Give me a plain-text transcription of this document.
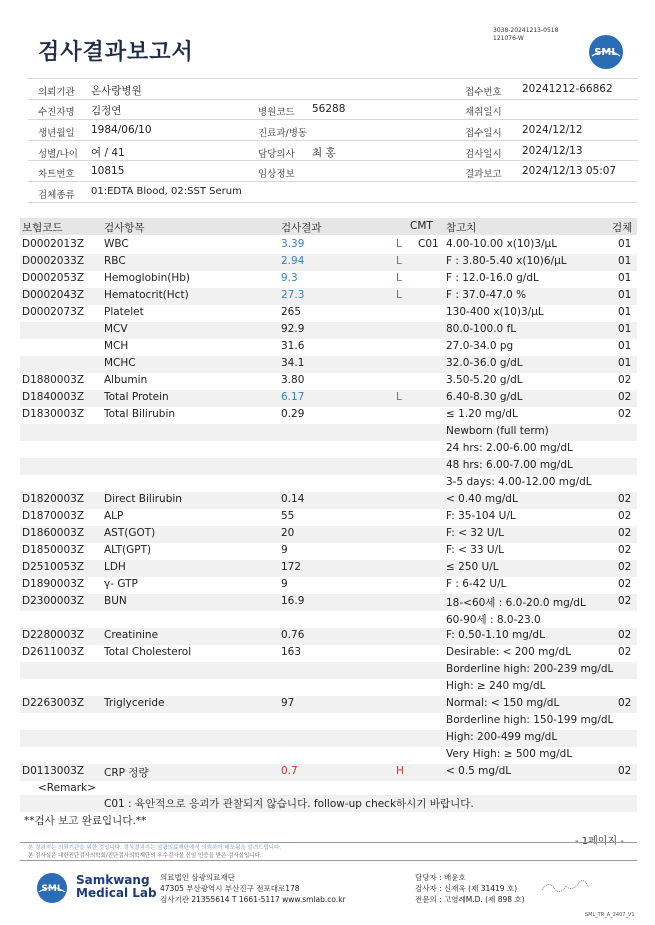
검사결과보고서
3038-20241213-0518
121076-W
SML
의뢰기관 온사랑병원	접수번호 20241212-66862
수진자명 김정연	병원코드 56288	채취일시
생년월일 1984/06/10	진료과/병동	접수일시 2024/12/12
성별/나이 여 / 41	담당의사 최 홍	검사일시 2024/12/13
차트번호 10815	임상정보	결과보고 2024/12/13 05:07
검체종류 01:EDTA Blood, 02:SST Serum
보험코드	검사항목	검사결과	CMT 참고치	검체
D0002013Z WBC	3.39	L C01 4.00-10.00 x(10)3/μL	01
D0002033Z RBC	2.94	L	F : 3.80-5.40 x(10)6/μL	01
D0002053Z Hemoglobin(Hb)	9.3	L	F : 12.0-16.0 g/dL	01
D0002043Z Hematocrit(Hct)	27.3	L	F : 37.0-47.0 %	01
D0002073Z Platelet	265	130-400 x(10)3/μL	01
MCV	92.9	80.0-100.0 fL	01
MCH	31.6	27.0-34.0 pg	01
MCHC	34.1	32.0-36.0 g/dL	01
D1880003Z Albumin	3.80	3.50-5.20 g/dL	02
D1840003Z Total Protein	6.17	L	6.40-8.30 g/dL	02
D1830003Z Total Bilirubin	0.29	≤ 1.20 mg/dL	02
Newborn (full term)
24 hrs: 2.00-6.00 mg/dL
48 hrs: 6.00-7.00 mg/dL
3-5 days: 4.00-12.00 mg/dL
D1820003Z Direct Bilirubin	0.14	< 0.40 mg/dL	02
D1870003Z ALP	55	F: 35-104 U/L	02
D1860003Z AST(GOT)	20	F: < 32 U/L	02
D1850003Z ALT(GPT)	9	F: < 33 U/L	02
D2510053Z LDH	172	≤ 250 U/L	02
D1890003Z γ- GTP	9	F : 6-42 U/L	02
D2300003Z BUN	16.9	18-<60세 : 6.0-20.0 mg/dL	02
60-90세 : 8.0-23.0
D2280003Z Creatinine	0.76	F: 0.50-1.10 mg/dL	02
D2611003Z Total Cholesterol	163	Desirable: < 200 mg/dL	02
Borderline high: 200-239 mg/dL
High: ≥ 240 mg/dL
D2263003Z Triglyceride	97	Normal: < 150 mg/dL	02
Borderline high: 150-199 mg/dL
High: 200-499 mg/dL
Very High: ≥ 500 mg/dL
D0113003Z CRP 정량	0.7	H	< 0.5 mg/dL	02
<Remark>
C01 : 육안적으로 응괴가 관찰되지 않습니다. follow-up check하시기 바랍니다.
**검사 보고 완료입니다.**
본 결과지는 의뢰기관을 위한 것입니다. 정식결과지는 삼광의료재단에서 의뢰하여 배포됨을 알려드립니다.
본 검사실은 대한진단검사의학회/진단검사의학재단의 우수검사실 신임 인증을 받은 검사실입니다.
SML
Samkwang
Medical Lab
의료법인 삼광의료재단
47305 부산광역시 부산진구 전포대로178
검사기관 21355614 T 1661-5117 www.smlab.co.kr
담당자 : 배윤호
검사자 : 신재욱 (제 31419 호)
전문의 : 고영례M.D. (제 898 호)
SML_TR_A_2407_V1
